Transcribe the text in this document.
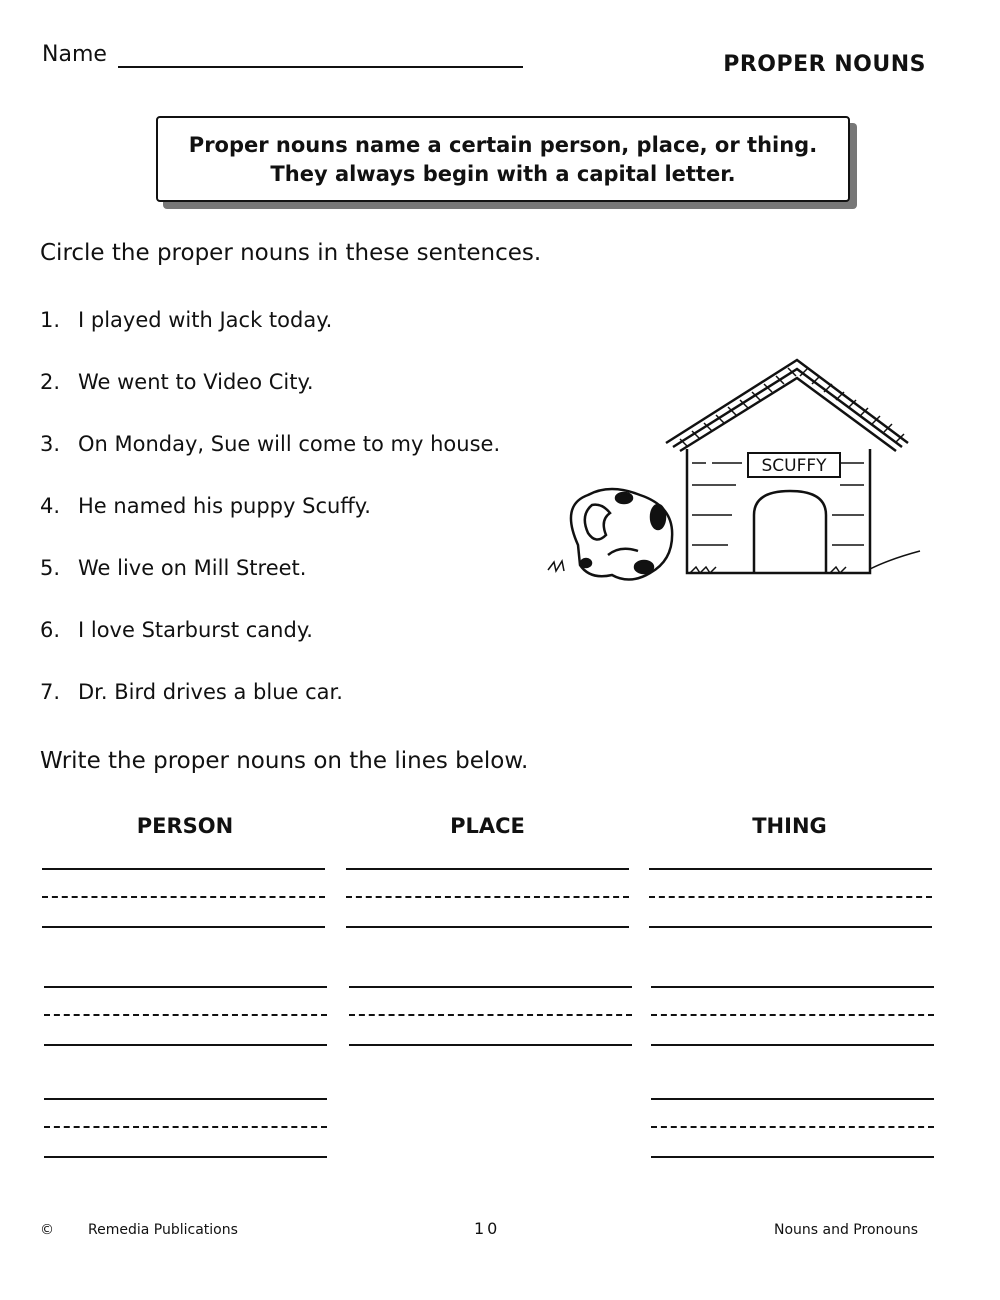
Name	PROPER NOUNS
Proper nouns name a certain person, place, or thing.
They always begin with a capital letter.
Circle the proper nouns in these sentences.
1. I played with Jack today.
2. We went to Video City.
3. On Monday, Sue will come to my house.
4. He named his puppy Scuffy.
5. We live on Mill Street.
6. I love Starburst candy.
7. Dr. Bird drives a blue car.
SCUFFY
Write the proper nouns on the lines below.
PERSON	PLACE	THING
© Remedia Publications	10	Nouns and Pronouns
